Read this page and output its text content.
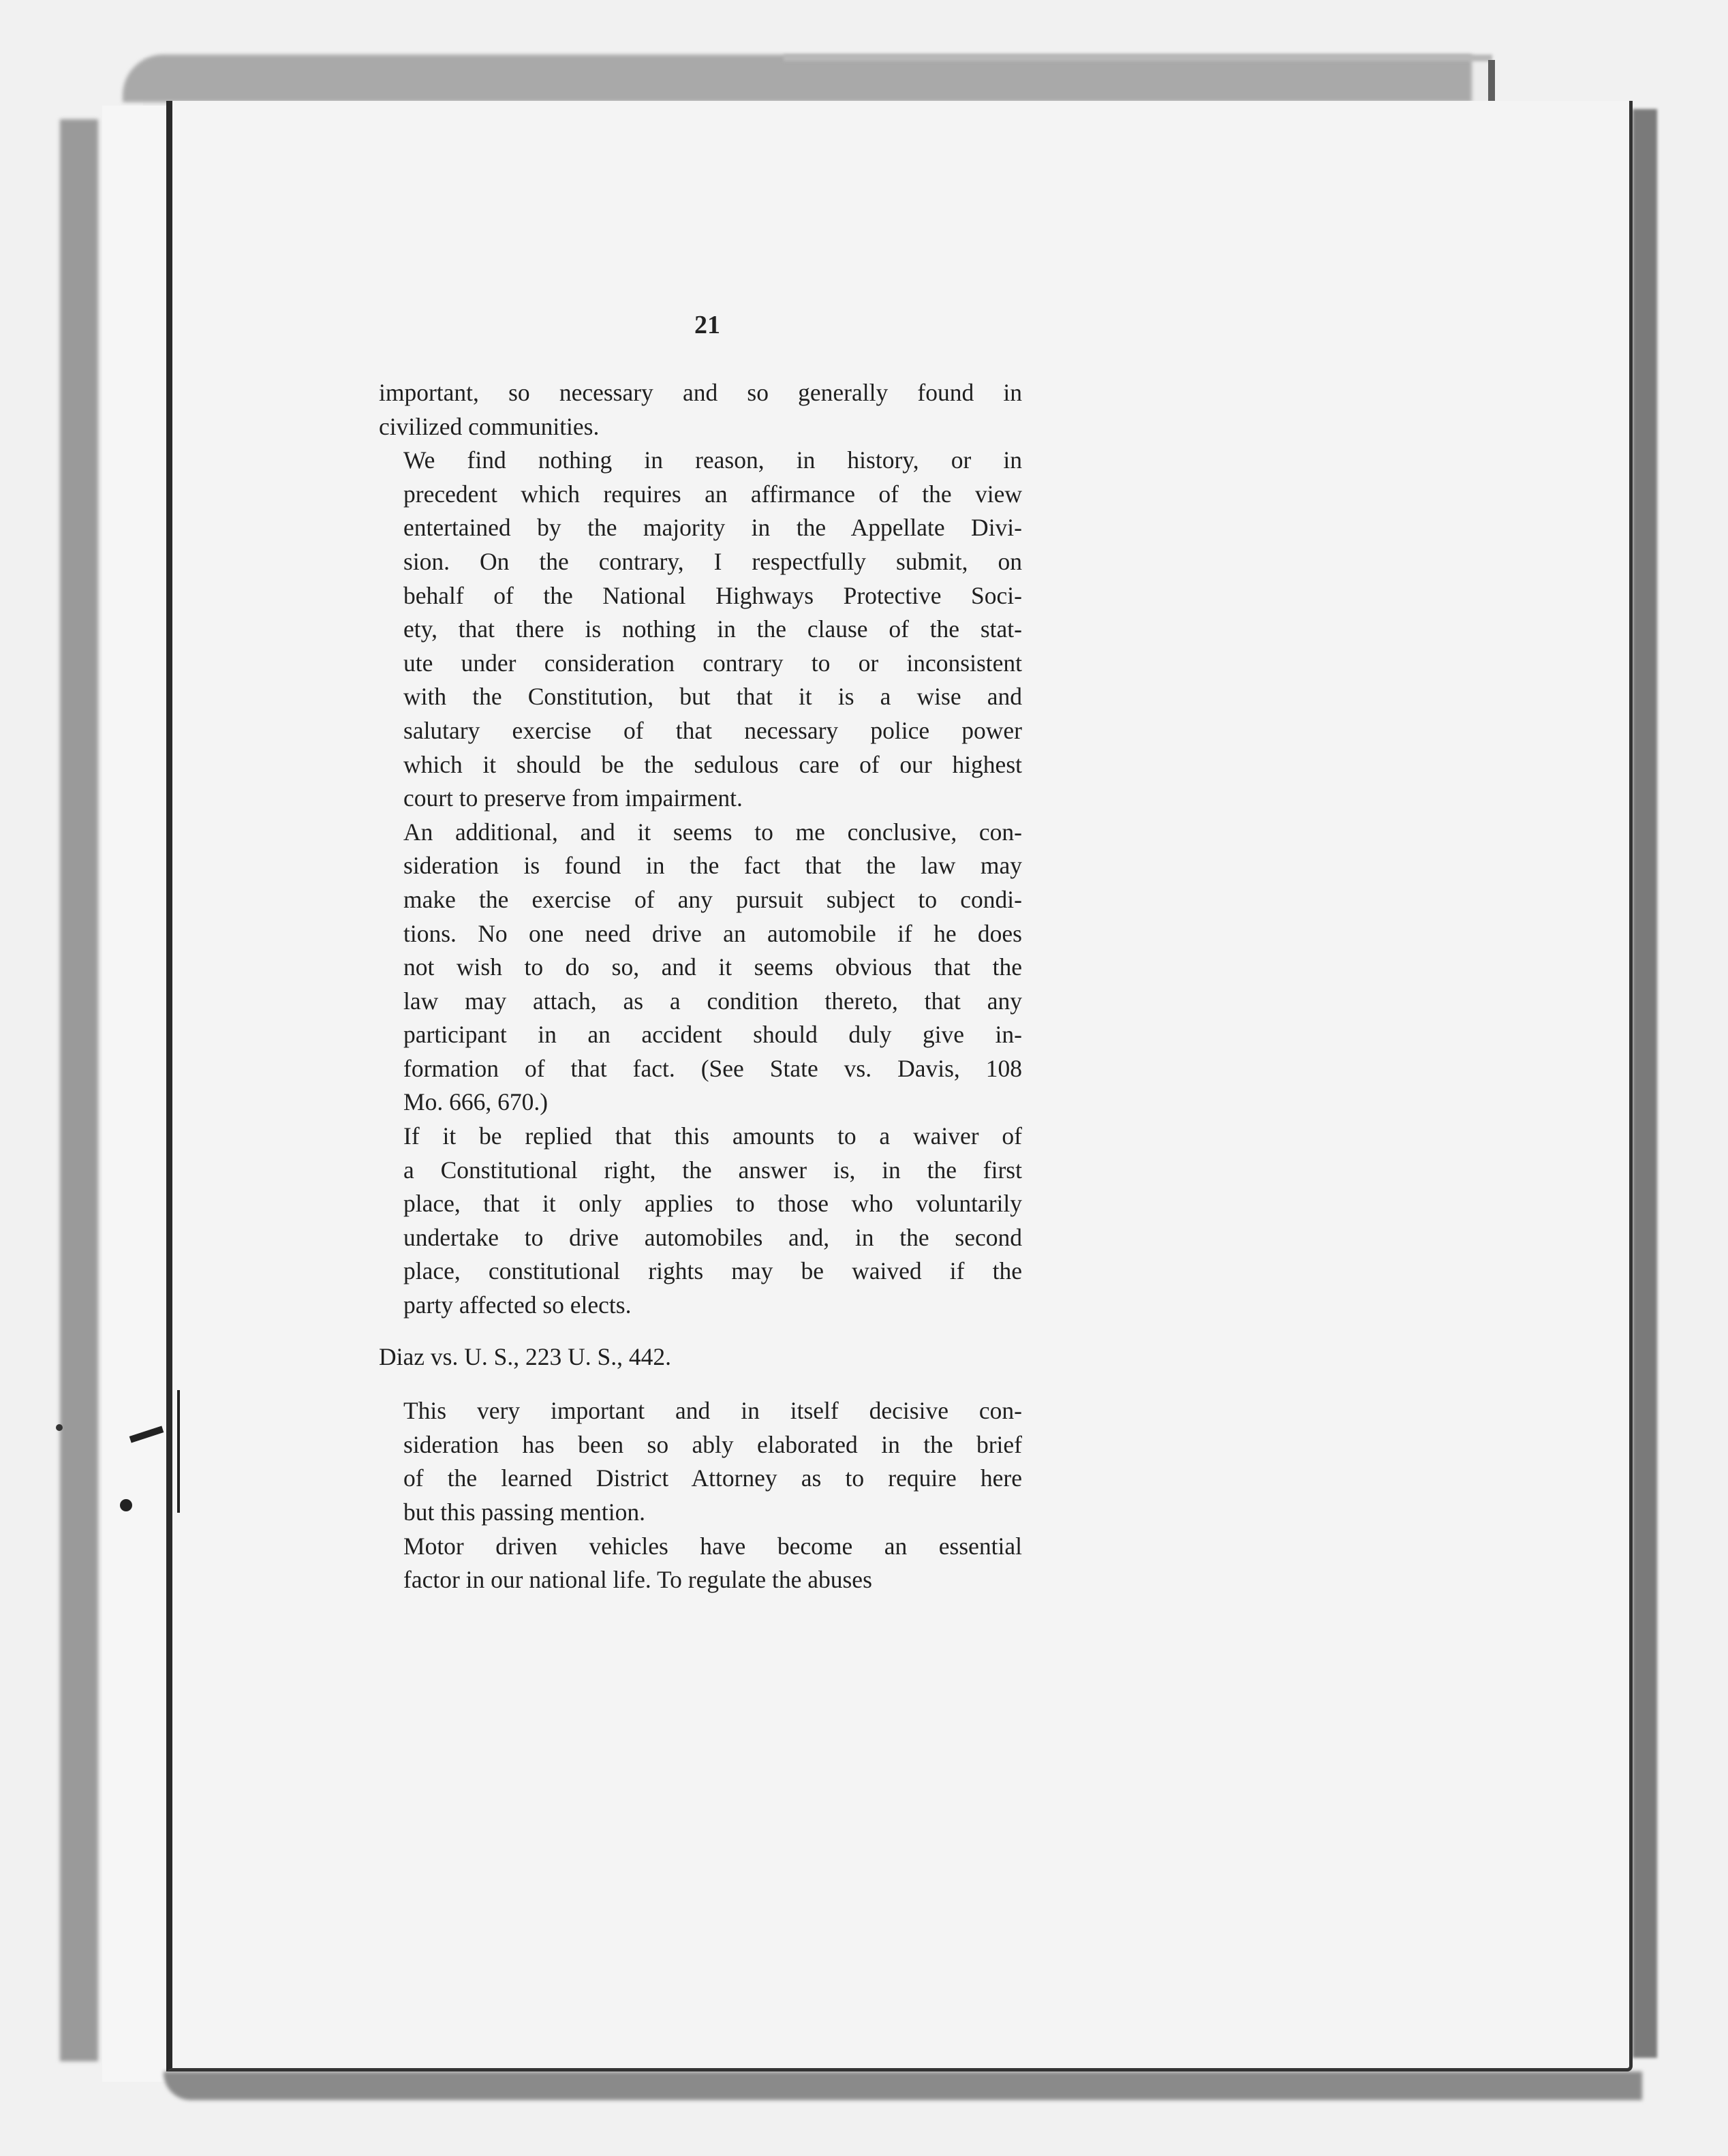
21

important, so necessary and so generally found in
civilized communities.

We find nothing in reason, in history, or in
precedent which requires an affirmance of the view
entertained by the majority in the Appellate Divi-
sion. On the contrary, I respectfully submit, on
behalf of the National Highways Protective Soci-
ety, that there is nothing in the clause of the stat-
ute under consideration contrary to or inconsistent
with the Constitution, but that it is a wise and
salutary exercise of that necessary police power
which it should be the sedulous care of our highest
court to preserve from impairment.

An additional, and it seems to me conclusive, con-
sideration is found in the fact that the law may
make the exercise of any pursuit subject to condi-
tions. No one need drive an automobile if he does
not wish to do so, and it seems obvious that the
law may attach, as a condition thereto, that any
participant in an accident should duly give in-
formation of that fact. (See State vs. Davis, 108
Mo. 666, 670.)

If it be replied that this amounts to a waiver of
a Constitutional right, the answer is, in the first
place, that it only applies to those who voluntarily
undertake to drive automobiles and, in the second
place, constitutional rights may be waived if the
party affected so elects.

Diaz vs. U. S., 223 U. S., 442.

This very important and in itself decisive con-
sideration has been so ably elaborated in the brief
of the learned District Attorney as to require here
but this passing mention.

Motor driven vehicles have become an essential
factor in our national life. To regulate the abuses
